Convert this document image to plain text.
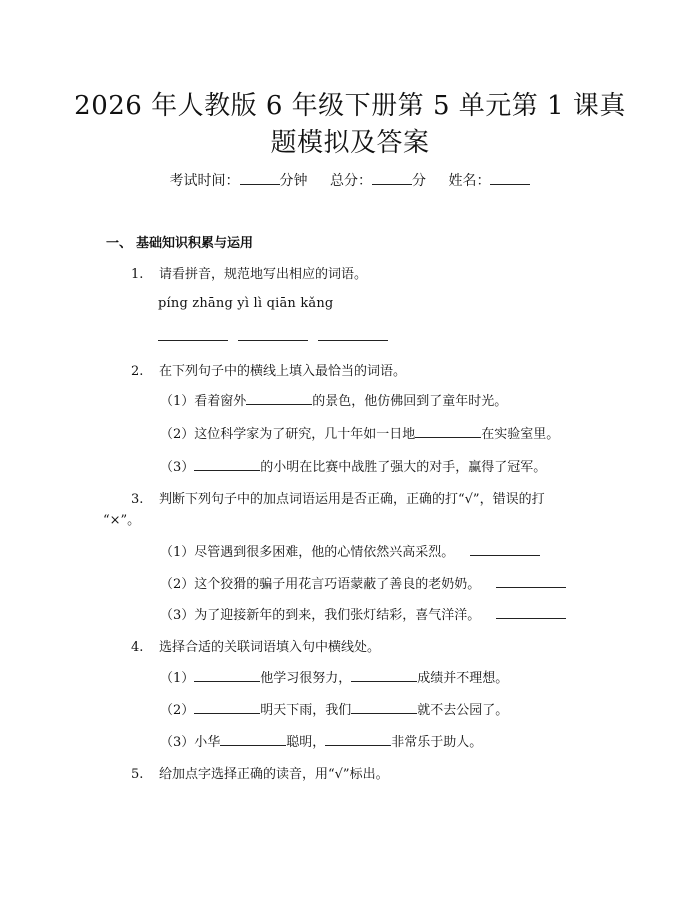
2026 年人教版 6 年级下册第 5 单元第 1 课真
题模拟及答案
考试时间：	分钟 总分：	分 姓名：
一、 基础知识积累与运用
1. 请看拼音，规范地写出相应的词语。
píng zhāng yì lì qiān kǎng
2. 在下列句子中的横线上填入最恰当的词语。
（1）看着窗外	的景色，他仿佛回到了童年时光。
（2）这位科学家为了研究，几十年如一日地	在实验室里。
（3）	的小明在比赛中战胜了强大的对手，赢得了冠军。
3. 判断下列句子中的加点词语运用是否正确，正确的打“√”，错误的打
“×”。
（1）尽管遇到很多困难，他的心情依然兴高采烈。
（2）这个狡猾的骗子用花言巧语蒙蔽了善良的老奶奶。
（3）为了迎接新年的到来，我们张灯结彩，喜气洋洋。
4. 选择合适的关联词语填入句中横线处。
（1）	他学习很努力，	成绩并不理想。
（2）	明天下雨，我们	就不去公园了。
（3）小华	聪明，	非常乐于助人。
5. 给加点字选择正确的读音，用“√”标出。
